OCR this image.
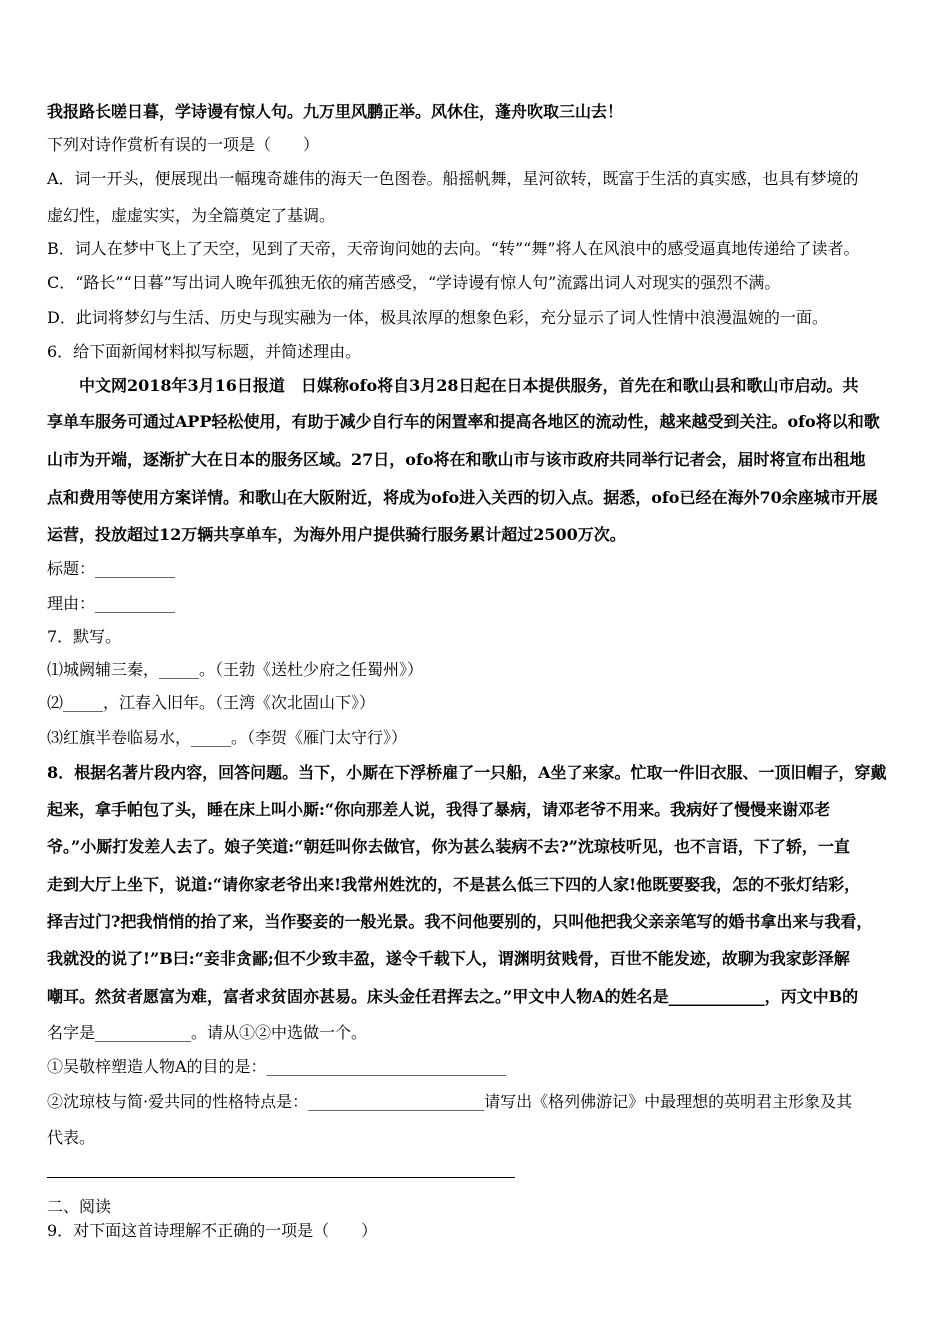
我报路长嗟日暮，学诗谩有惊人句。九万里风鹏正举。风休住，蓬舟吹取三山去！
下列对诗作赏析有误的一项是（　　）
A．词一开头，便展现出一幅瑰奇雄伟的海天一色图卷。船摇帆舞，星河欲转，既富于生活的真实感，也具有梦境的
虚幻性，虚虚实实，为全篇奠定了基调。
B．词人在梦中飞上了天空，见到了天帝，天帝询问她的去向。“转”“舞”将人在风浪中的感受逼真地传递给了读者。
C．“路长”“日暮”写出词人晚年孤独无依的痛苦感受，“学诗谩有惊人句”流露出词人对现实的强烈不满。
D．此词将梦幻与生活、历史与现实融为一体，极具浓厚的想象色彩，充分显示了词人性情中浪漫温婉的一面。
6．给下面新闻材料拟写标题，并简述理由。
中文网2018年3月16日报道　日媒称ofo将自3月28日起在日本提供服务，首先在和歌山县和歌山市启动。共
享单车服务可通过APP轻松使用，有助于减少自行车的闲置率和提高各地区的流动性，越来越受到关注。ofo将以和歌
山市为开端，逐渐扩大在日本的服务区域。27日，ofo将在和歌山市与该市政府共同举行记者会，届时将宣布出租地
点和费用等使用方案详情。和歌山在大阪附近，将成为ofo进入关西的切入点。据悉，ofo已经在海外70余座城市开展
运营，投放超过12万辆共享单车，为海外用户提供骑行服务累计超过2500万次。
标题：__________
理由：__________
7．默写。
⑴城阙辅三秦，_____。（王勃《送杜少府之任蜀州》）
⑵_____，江春入旧年。（王湾《次北固山下》）
⑶红旗半卷临易水，_____。（李贺《雁门太守行》）
8．根据名著片段内容，回答问题。当下，小厮在下浮桥雇了一只船，A坐了来家。忙取一件旧衣服、一顶旧帽子，穿戴
起来，拿手帕包了头，睡在床上叫小厮:“你向那差人说，我得了暴病，请邓老爷不用来。我病好了慢慢来谢邓老
爷。”小厮打发差人去了。娘子笑道:“朝廷叫你去做官，你为甚么装病不去?”沈琼枝听见，也不言语，下了轿，一直
走到大厅上坐下，说道:“请你家老爷出来!我常州姓沈的，不是甚么低三下四的人家!他既要娶我，怎的不张灯结彩，
择吉过门?把我悄悄的抬了来，当作娶妾的一般光景。我不问他要别的，只叫他把我父亲亲笔写的婚书拿出来与我看，
我就没的说了!”B曰:“妾非贪鄙;但不少致丰盈，遂令千载下人，谓渊明贫贱骨，百世不能发迹，故聊为我家彭泽解
嘲耳。然贫者愿富为难，富者求贫固亦甚易。床头金任君挥去之。”甲文中人物A的姓名是____________，丙文中B的
名字是____________。请从①②中选做一个。
①吴敬梓塑造人物A的目的是：______________________________
②沈琼枝与简·爱共同的性格特点是：______________________请写出《格列佛游记》中最理想的英明君主形象及其
代表。
二、阅读
9．对下面这首诗理解不正确的一项是（　　）
